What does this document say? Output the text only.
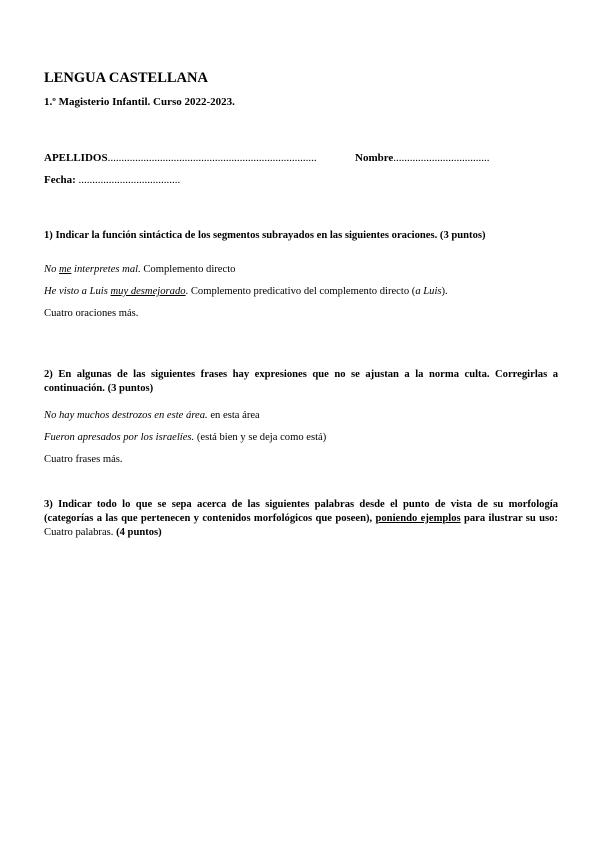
LENGUA CASTELLANA
1.º Magisterio Infantil. Curso 2022-2023.
APELLIDOS............................................................................	Nombre...................................
Fecha: .....................................
1) Indicar la función sintáctica de los segmentos subrayados en las siguientes oraciones. (3 puntos)
No me interpretes mal. Complemento directo
He visto a Luis muy desmejorado. Complemento predicativo del complemento directo (a Luis).
Cuatro oraciones más.
2) En algunas de las siguientes frases hay expresiones que no se ajustan a la norma culta. Corregirlas a continuación. (3 puntos)
No hay muchos destrozos en este área. en esta área
Fueron apresados por los israelíes. (está bien y se deja como está)
Cuatro frases más.
3) Indicar todo lo que se sepa acerca de las siguientes palabras desde el punto de vista de su morfología (categorías a las que pertenecen y contenidos morfológicos que poseen), poniendo ejemplos para ilustrar su uso: Cuatro palabras. (4 puntos)
